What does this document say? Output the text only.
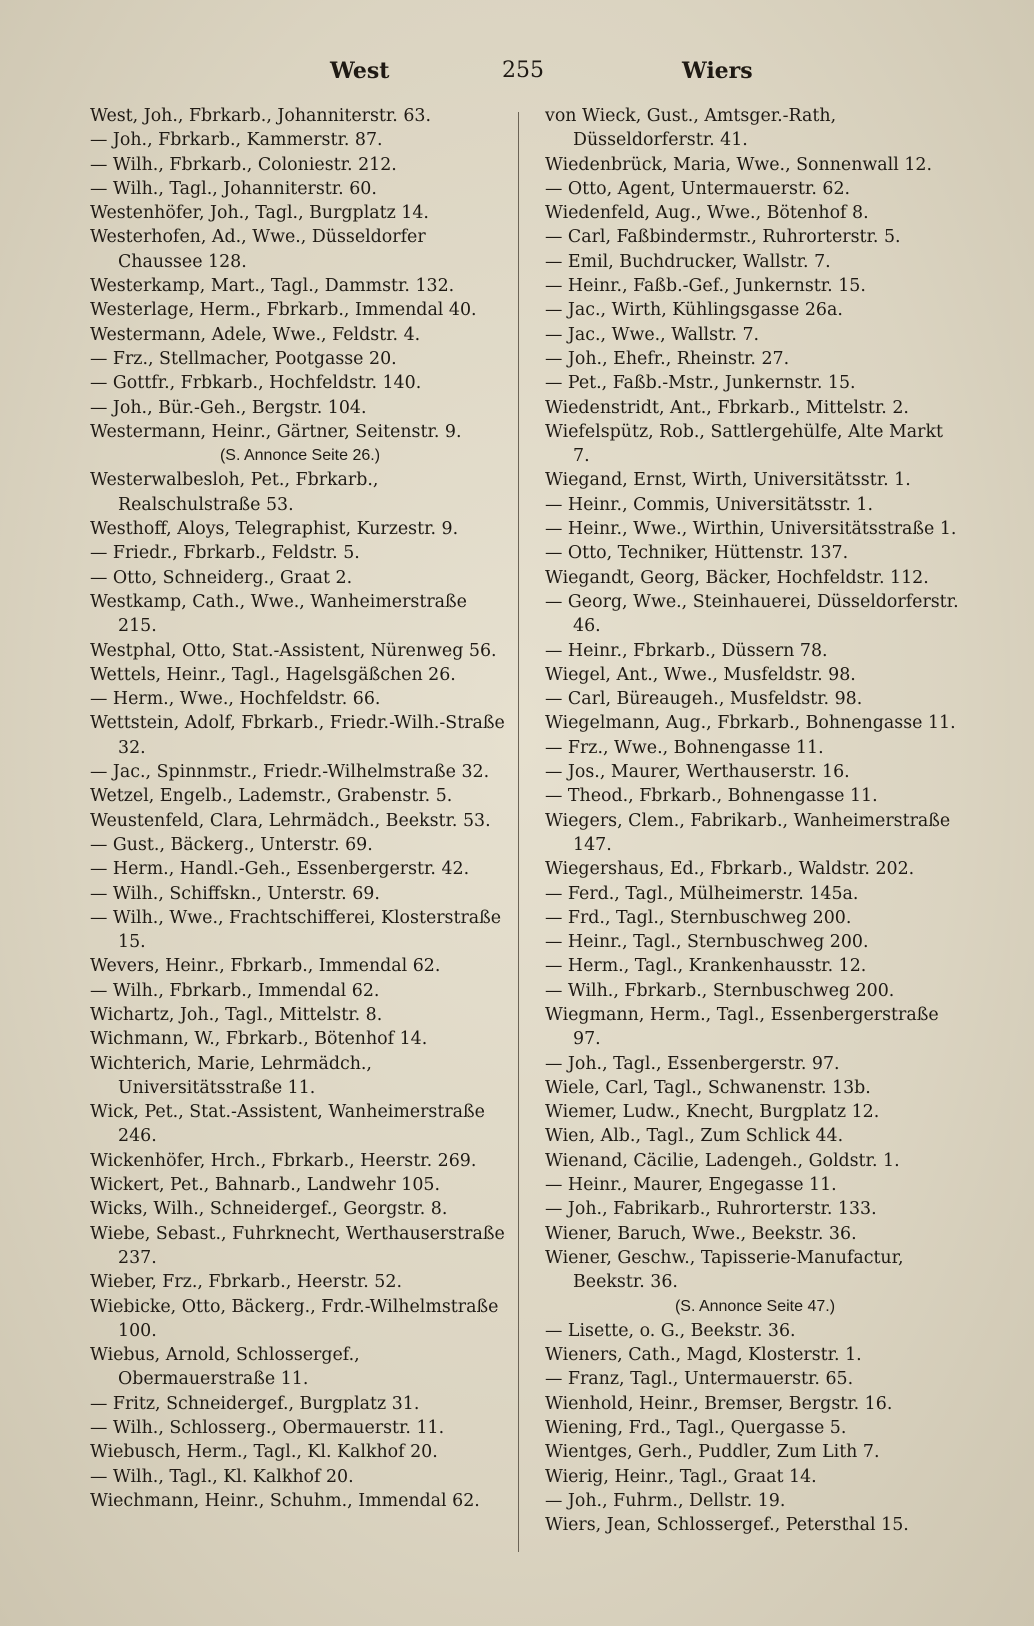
West	255	Wiers

West, Joh., Fbrkarb., Johanniterstr. 63.

— Joh., Fbrkarb., Kammerstr. 87.

— Wilh., Fbrkarb., Coloniestr. 212.

— Wilh., Tagl., Johanniterstr. 60.

Westenhöfer, Joh., Tagl., Burgplatz 14.

Westerhofen, Ad., Wwe., Düsseldorfer Chaussee 128.

Westerkamp, Mart., Tagl., Dammstr. 132.

Westerlage, Herm., Fbrkarb., Immendal 40.

Westermann, Adele, Wwe., Feldstr. 4.

— Frz., Stellmacher, Pootgasse 20.

— Gottfr., Frbkarb., Hochfeldstr. 140.

— Joh., Bür.-Geh., Bergstr. 104.

Westermann, Heinr., Gärtner, Seitenstr. 9.

(S. Annonce Seite 26.)

Westerwalbesloh, Pet., Fbrkarb., Realschulstraße 53.

Westhoff, Aloys, Telegraphist, Kurzestr. 9.

— Friedr., Fbrkarb., Feldstr. 5.

— Otto, Schneiderg., Graat 2.

Westkamp, Cath., Wwe., Wanheimerstraße 215.

Westphal, Otto, Stat.-Assistent, Nürenweg 56.

Wettels, Heinr., Tagl., Hagelsgäßchen 26.

— Herm., Wwe., Hochfeldstr. 66.

Wettstein, Adolf, Fbrkarb., Friedr.-Wilh.-Straße 32.

— Jac., Spinnmstr., Friedr.-Wilhelmstraße 32.

Wetzel, Engelb., Lademstr., Grabenstr. 5.

Weustenfeld, Clara, Lehrmädch., Beekstr. 53.

— Gust., Bäckerg., Unterstr. 69.

— Herm., Handl.-Geh., Essenbergerstr. 42.

— Wilh., Schiffskn., Unterstr. 69.

— Wilh., Wwe., Frachtschifferei, Klosterstraße 15.

Wevers, Heinr., Fbrkarb., Immendal 62.

— Wilh., Fbrkarb., Immendal 62.

Wichartz, Joh., Tagl., Mittelstr. 8.

Wichmann, W., Fbrkarb., Bötenhof 14.

Wichterich, Marie, Lehrmädch., Universitätsstraße 11.

Wick, Pet., Stat.-Assistent, Wanheimerstraße 246.

Wickenhöfer, Hrch., Fbrkarb., Heerstr. 269.

Wickert, Pet., Bahnarb., Landwehr 105.

Wicks, Wilh., Schneidergef., Georgstr. 8.

Wiebe, Sebast., Fuhrknecht, Werthauserstraße 237.

Wieber, Frz., Fbrkarb., Heerstr. 52.

Wiebicke, Otto, Bäckerg., Frdr.-Wilhelmstraße 100.

Wiebus, Arnold, Schlossergef., Obermauerstraße 11.

— Fritz, Schneidergef., Burgplatz 31.

— Wilh., Schlosserg., Obermauerstr. 11.

Wiebusch, Herm., Tagl., Kl. Kalkhof 20.

— Wilh., Tagl., Kl. Kalkhof 20.

Wiechmann, Heinr., Schuhm., Immendal 62.

von Wieck, Gust., Amtsger.-Rath, Düsseldorferstr. 41.

Wiedenbrück, Maria, Wwe., Sonnenwall 12.

— Otto, Agent, Untermauerstr. 62.

Wiedenfeld, Aug., Wwe., Bötenhof 8.

— Carl, Faßbindermstr., Ruhrorterstr. 5.

— Emil, Buchdrucker, Wallstr. 7.

— Heinr., Faßb.-Gef., Junkernstr. 15.

— Jac., Wirth, Kühlingsgasse 26a.

— Jac., Wwe., Wallstr. 7.

— Joh., Ehefr., Rheinstr. 27.

— Pet., Faßb.-Mstr., Junkernstr. 15.

Wiedenstridt, Ant., Fbrkarb., Mittelstr. 2.

Wiefelspütz, Rob., Sattlergehülfe, Alte Markt 7.

Wiegand, Ernst, Wirth, Universitätsstr. 1.

— Heinr., Commis, Universitätsstr. 1.

— Heinr., Wwe., Wirthin, Universitätsstraße 1.

— Otto, Techniker, Hüttenstr. 137.

Wiegandt, Georg, Bäcker, Hochfeldstr. 112.

— Georg, Wwe., Steinhauerei, Düsseldorferstr. 46.

— Heinr., Fbrkarb., Düssern 78.

Wiegel, Ant., Wwe., Musfeldstr. 98.

— Carl, Büreaugeh., Musfeldstr. 98.

Wiegelmann, Aug., Fbrkarb., Bohnengasse 11.

— Frz., Wwe., Bohnengasse 11.

— Jos., Maurer, Werthauserstr. 16.

— Theod., Fbrkarb., Bohnengasse 11.

Wiegers, Clem., Fabrikarb., Wanheimerstraße 147.

Wiegershaus, Ed., Fbrkarb., Waldstr. 202.

— Ferd., Tagl., Mülheimerstr. 145a.

— Frd., Tagl., Sternbuschweg 200.

— Heinr., Tagl., Sternbuschweg 200.

— Herm., Tagl., Krankenhausstr. 12.

— Wilh., Fbrkarb., Sternbuschweg 200.

Wiegmann, Herm., Tagl., Essenbergerstraße 97.

— Joh., Tagl., Essenbergerstr. 97.

Wiele, Carl, Tagl., Schwanenstr. 13b.

Wiemer, Ludw., Knecht, Burgplatz 12.

Wien, Alb., Tagl., Zum Schlick 44.

Wienand, Cäcilie, Ladengeh., Goldstr. 1.

— Heinr., Maurer, Engegasse 11.

— Joh., Fabrikarb., Ruhrorterstr. 133.

Wiener, Baruch, Wwe., Beekstr. 36.

Wiener, Geschw., Tapisserie-Manufactur, Beekstr. 36.

(S. Annonce Seite 47.)

— Lisette, o. G., Beekstr. 36.

Wieners, Cath., Magd, Klosterstr. 1.

— Franz, Tagl., Untermauerstr. 65.

Wienhold, Heinr., Bremser, Bergstr. 16.

Wiening, Frd., Tagl., Quergasse 5.

Wientges, Gerh., Puddler, Zum Lith 7.

Wierig, Heinr., Tagl., Graat 14.

— Joh., Fuhrm., Dellstr. 19.

Wiers, Jean, Schlossergef., Petersthal 15.
